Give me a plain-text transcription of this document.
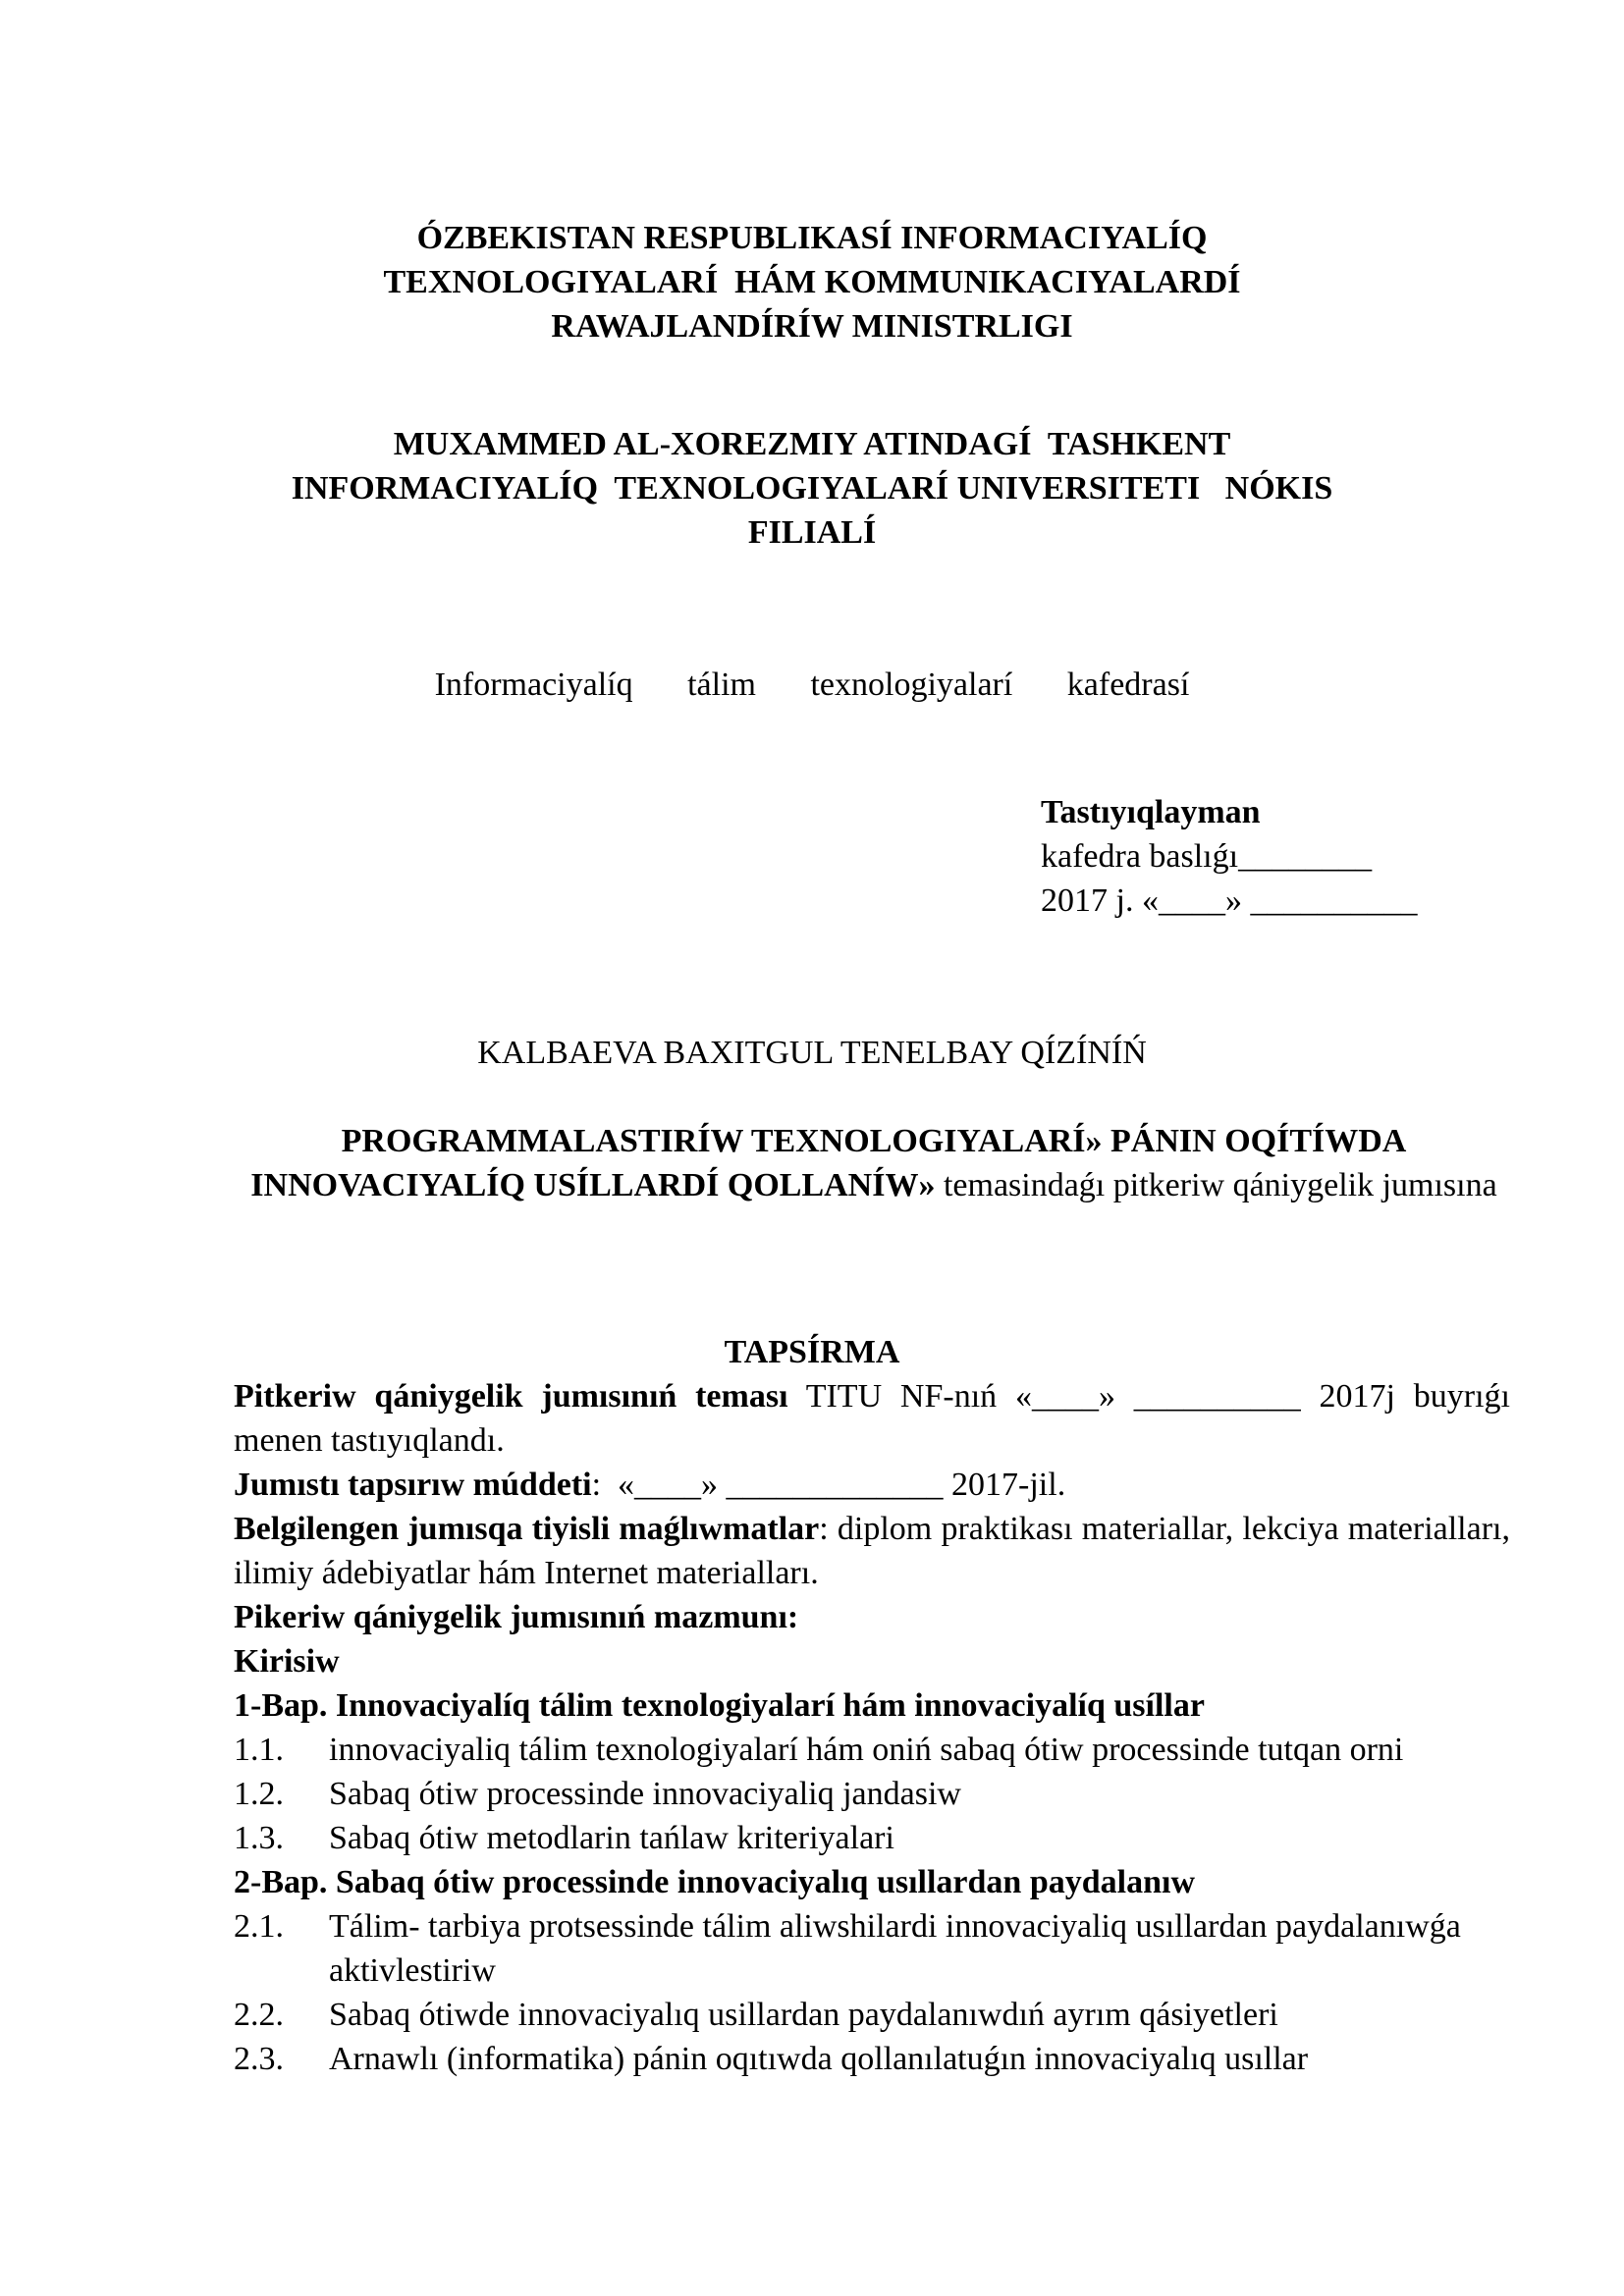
ÓZBEKISTAN RESPUBLIKASÍ INFORMACIYALÍQ
TEXNOLOGIYALARÍ  HÁM KOMMUNIKACIYALARDÍ
RAWAJLANDÍRÍW MINISTRLIGI
MUXAMMED AL-XOREZMIY ATINDAGÍ  TASHKENT
INFORMACIYALÍQ  TEXNOLOGIYALARÍ UNIVERSITETI   NÓKIS
FILIALÍ
Informaciyalíq   tálim   texnologiyalarí   kafedrasí
Tastıyıqlayman
kafedra baslıǵı________
2017 j. «____» __________
KALBAEVA BAXITGUL TENELBAY QÍZÍNÍŃ
PROGRAMMALASTIRÍW TEXNOLOGIYALARÍ» PÁNIN OQÍTÍWDA INNOVACIYALÍQ USÍLLARDÍ QOLLANÍW» temasindaǵı pitkeriw qániygelik jumısına
TAPSÍRMA

Pitkeriw qániygelik jumısınıń teması TITU NF-nıń «____» __________ 2017j buyrıǵı menen tastıyıqlandı.

Jumıstı tapsırıw múddeti:  «____» _____________ 2017-jil.

Belgilengen jumısqa tiyisli maǵlıwmatlar: diplom praktikası materiallar, lekciya materialları, ilimiy ádebiyatlar hám Internet materialları.

Pikeriw qániygelik jumısınıń mazmunı:

Kirisiw

1-Bap. Innovaciyalíq tálim texnologiyalarí hám innovaciyalíq usíllar

1.1.	innovaciyaliq tálim texnologiyalarí hám oniń sabaq ótiw processinde tutqan orni
1.2.	Sabaq ótiw processinde innovaciyaliq jandasiw
1.3.	Sabaq ótiw metodlarin tańlaw kriteriyalari

2-Bap. Sabaq ótiw processinde innovaciyalıq usıllardan paydalanıw

2.1.	Tálim- tarbiya protsessinde tálim aliwshilardi innovaciyaliq usıllardan paydalanıwǵa aktivlestiriw
2.2.	Sabaq ótiwde innovaciyalıq usillardan paydalanıwdıń ayrım qásiyetleri
2.3.	Arnawlı (informatika) pánin oqıtıwda qollanılatuǵın innovaciyalıq usıllar
